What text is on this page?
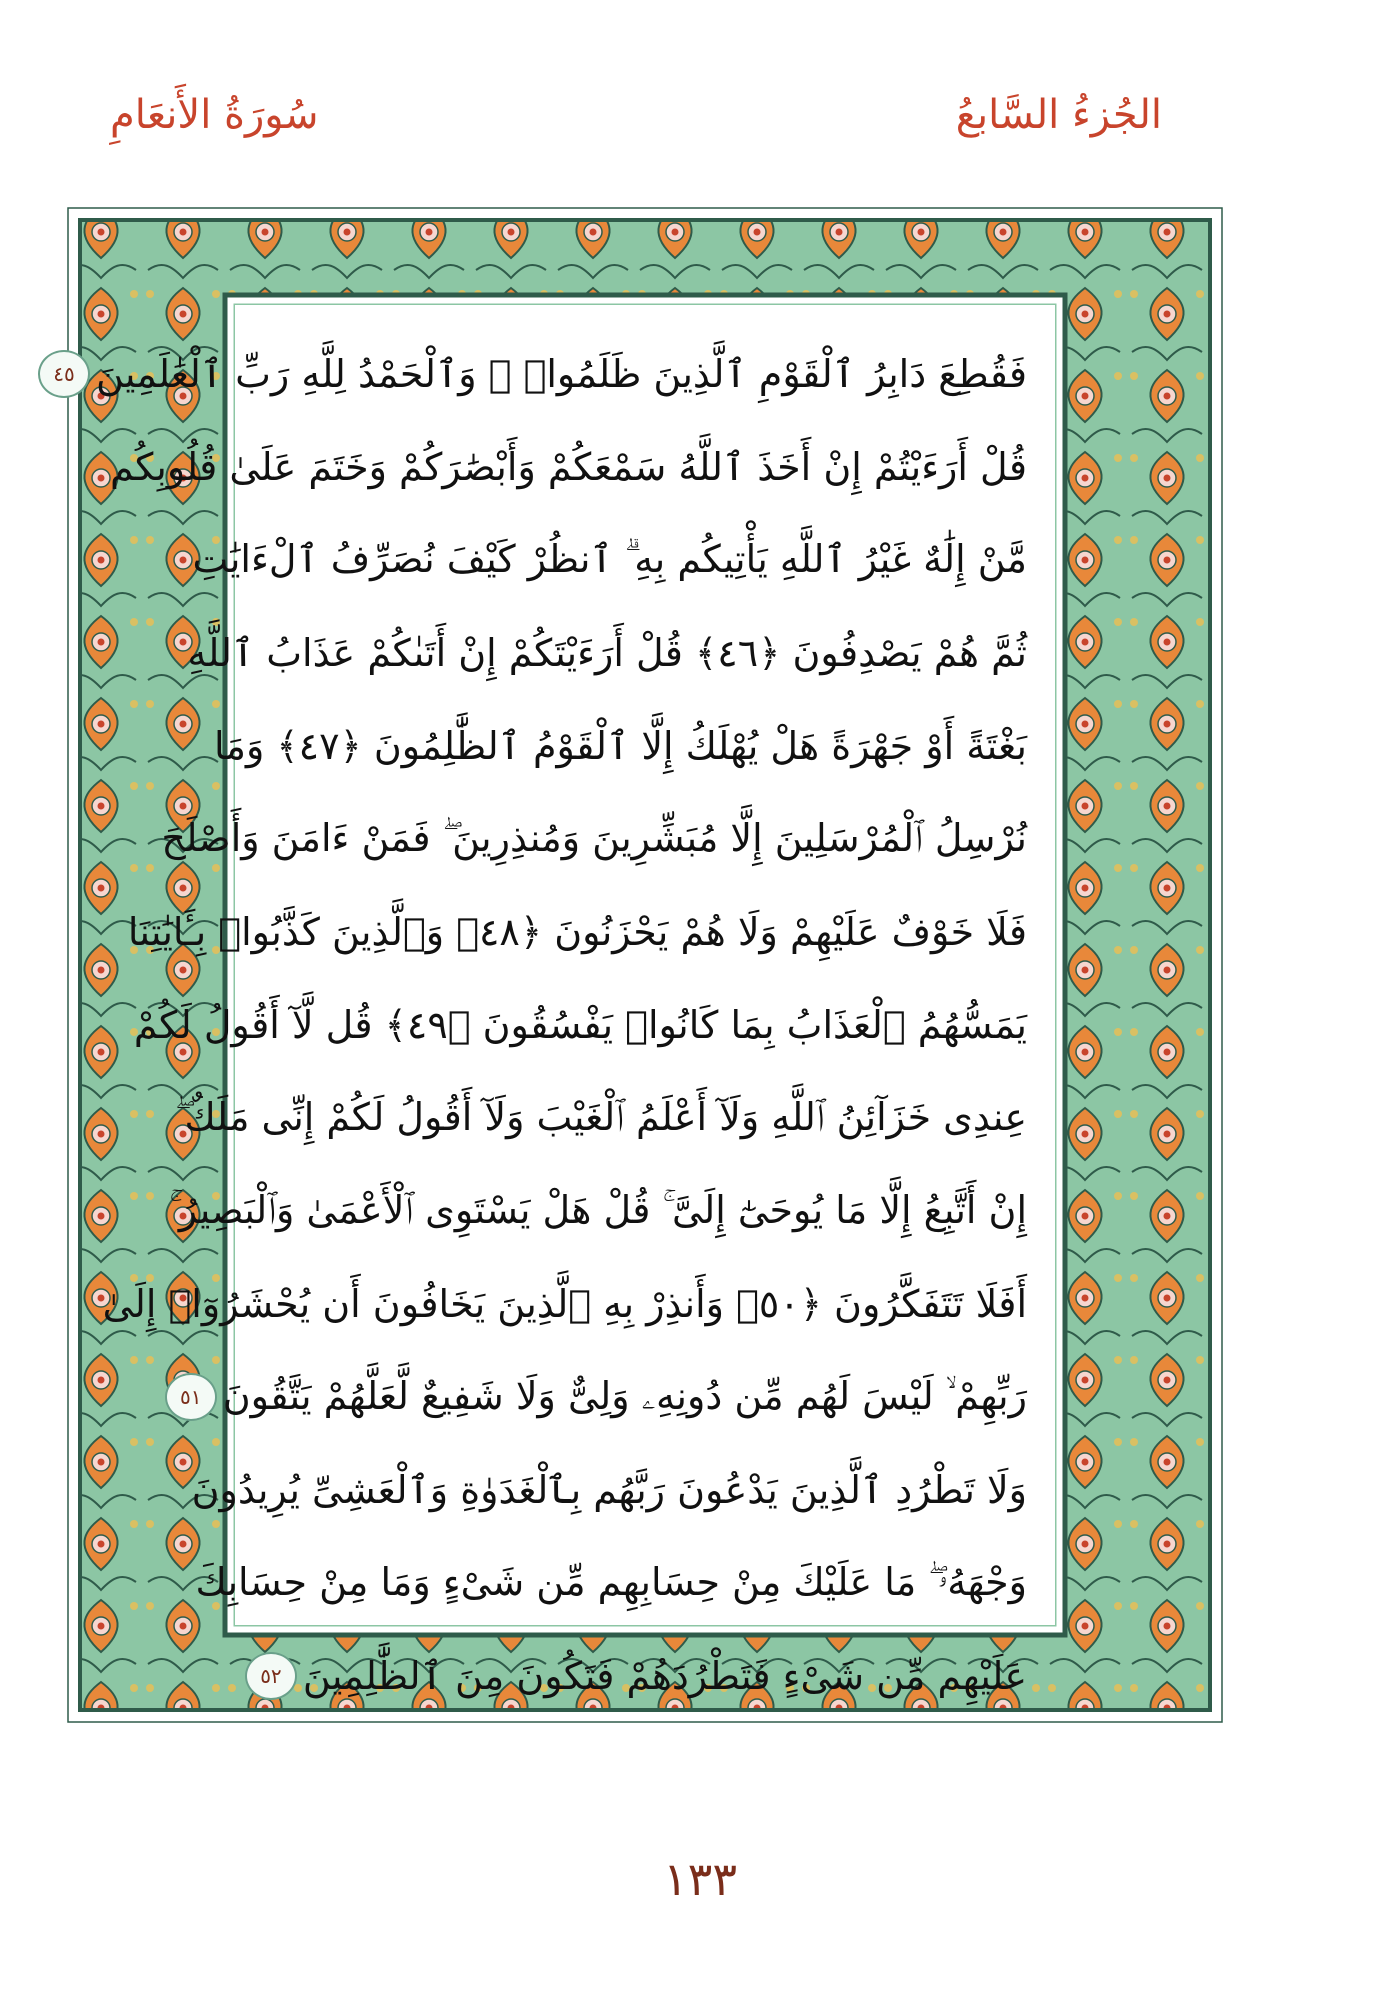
الجُزءُ السَّابعُ
سُورَةُ الأَنعَامِ
فَقُطِعَ دَابِرُ ٱلْقَوْمِ ٱلَّذِينَ ظَلَمُوا۟ ۚ وَٱلْحَمْدُ لِلَّهِ رَبِّ ٱلْعَٰلَمِينَ
٤٥
قُلْ أَرَءَيْتُمْ إِنْ أَخَذَ ٱللَّهُ سَمْعَكُمْ وَأَبْصَٰرَكُمْ وَخَتَمَ عَلَىٰ قُلُوبِكُم
مَّنْ إِلَٰهٌ غَيْرُ ٱللَّهِ يَأْتِيكُم بِهِ ۗ ٱنظُرْ كَيْفَ نُصَرِّفُ ٱلْءَايَٰتِ
ثُمَّ هُمْ يَصْدِفُونَ ﴿٤٦﴾ قُلْ أَرَءَيْتَكُمْ إِنْ أَتَىٰكُمْ عَذَابُ ٱللَّهِ
بَغْتَةً أَوْ جَهْرَةً هَلْ يُهْلَكُ إِلَّا ٱلْقَوْمُ ٱلظَّٰلِمُونَ ﴿٤٧﴾ وَمَا
نُرْسِلُ ٱلْمُرْسَلِينَ إِلَّا مُبَشِّرِينَ وَمُنذِرِينَ ۖ فَمَنْ ءَامَنَ وَأَصْلَحَ
فَلَا خَوْفٌ عَلَيْهِمْ وَلَا هُمْ يَحْزَنُونَ ﴿٤٨﴾ وَٱلَّذِينَ كَذَّبُوا۟ بِـَٔايَٰتِنَا
يَمَسُّهُمُ ٱلْعَذَابُ بِمَا كَانُوا۟ يَفْسُقُونَ ﴿٤٩﴾ قُل لَّآ أَقُولُ لَكُمْ
عِندِى خَزَآئِنُ ٱللَّهِ وَلَآ أَعْلَمُ ٱلْغَيْبَ وَلَآ أَقُولُ لَكُمْ إِنِّى مَلَكٌ ۖ
إِنْ أَتَّبِعُ إِلَّا مَا يُوحَىٰٓ إِلَىَّ ۚ قُلْ هَلْ يَسْتَوِى ٱلْأَعْمَىٰ وَٱلْبَصِيرُ ۚ
أَفَلَا تَتَفَكَّرُونَ ﴿٥٠﴾ وَأَنذِرْ بِهِ ٱلَّذِينَ يَخَافُونَ أَن يُحْشَرُوٓا۟ إِلَىٰ
رَبِّهِمْ ۙ لَيْسَ لَهُم مِّن دُونِهِۦ وَلِىٌّ وَلَا شَفِيعٌ لَّعَلَّهُمْ يَتَّقُونَ
٥١
وَلَا تَطْرُدِ ٱلَّذِينَ يَدْعُونَ رَبَّهُم بِٱلْغَدَوٰةِ وَٱلْعَشِىِّ يُرِيدُونَ
وَجْهَهُۥ ۖ مَا عَلَيْكَ مِنْ حِسَابِهِم مِّن شَىْءٍ وَمَا مِنْ حِسَابِكَ
عَلَيْهِم مِّن شَىْءٍ فَتَطْرُدَهُمْ فَتَكُونَ مِنَ ٱلظَّٰلِمِينَ
٥٢
١٣٣
